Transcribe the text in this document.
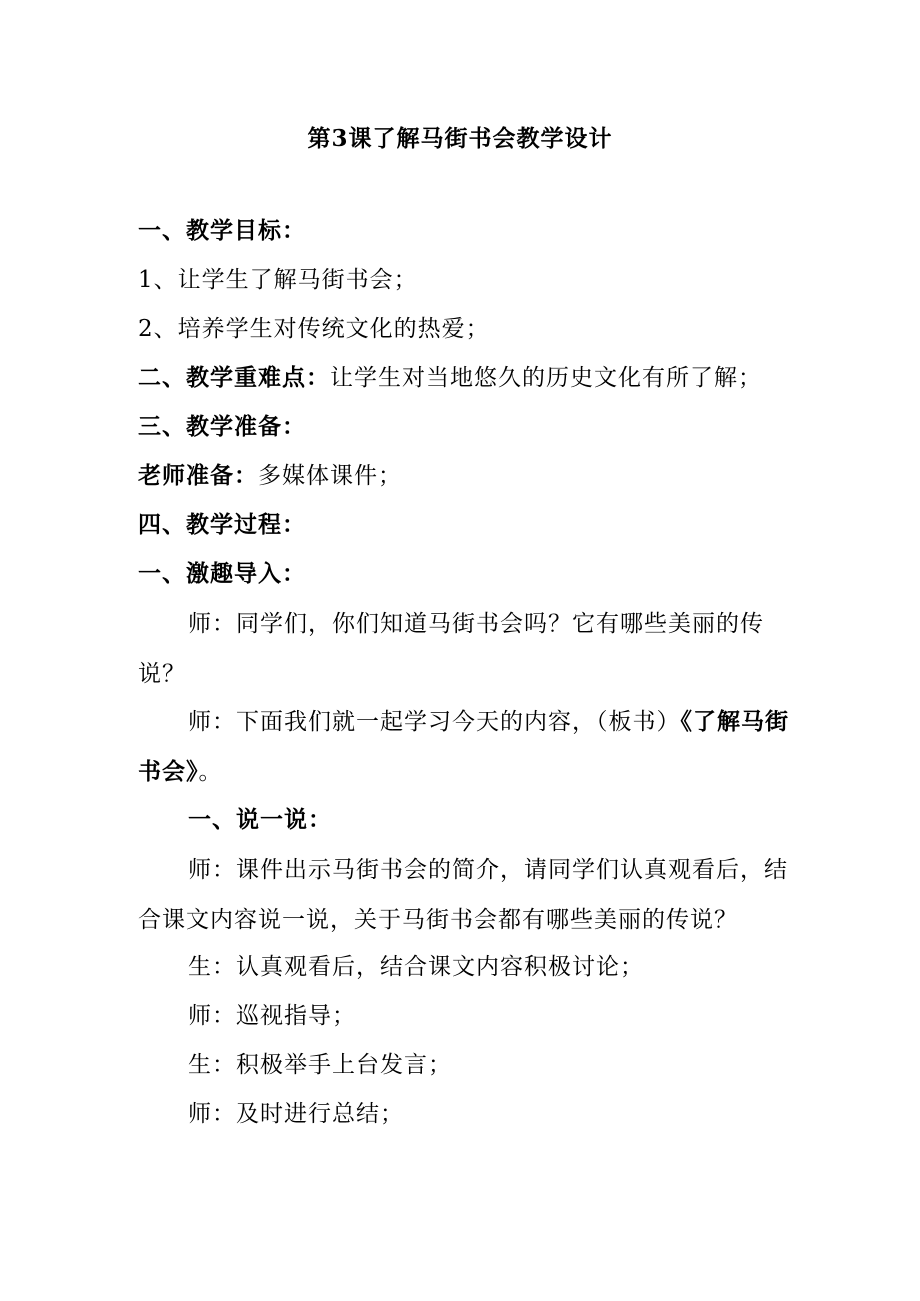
第3课了解马街书会教学设计
一、教学目标：
1、让学生了解马街书会；
2、培养学生对传统文化的热爱；
二、教学重难点：让学生对当地悠久的历史文化有所了解；
三、教学准备：
老师准备：多媒体课件；
四、教学过程：
一、激趣导入：
师：同学们，你们知道马街书会吗？它有哪些美丽的传说？
师：下面我们就一起学习今天的内容，（板书）《了解马街书会》。
一、说一说：
师：课件出示马街书会的简介，请同学们认真观看后，结合课文内容说一说，关于马街书会都有哪些美丽的传说？
生：认真观看后，结合课文内容积极讨论；
师：巡视指导；
生：积极举手上台发言；
师：及时进行总结；
